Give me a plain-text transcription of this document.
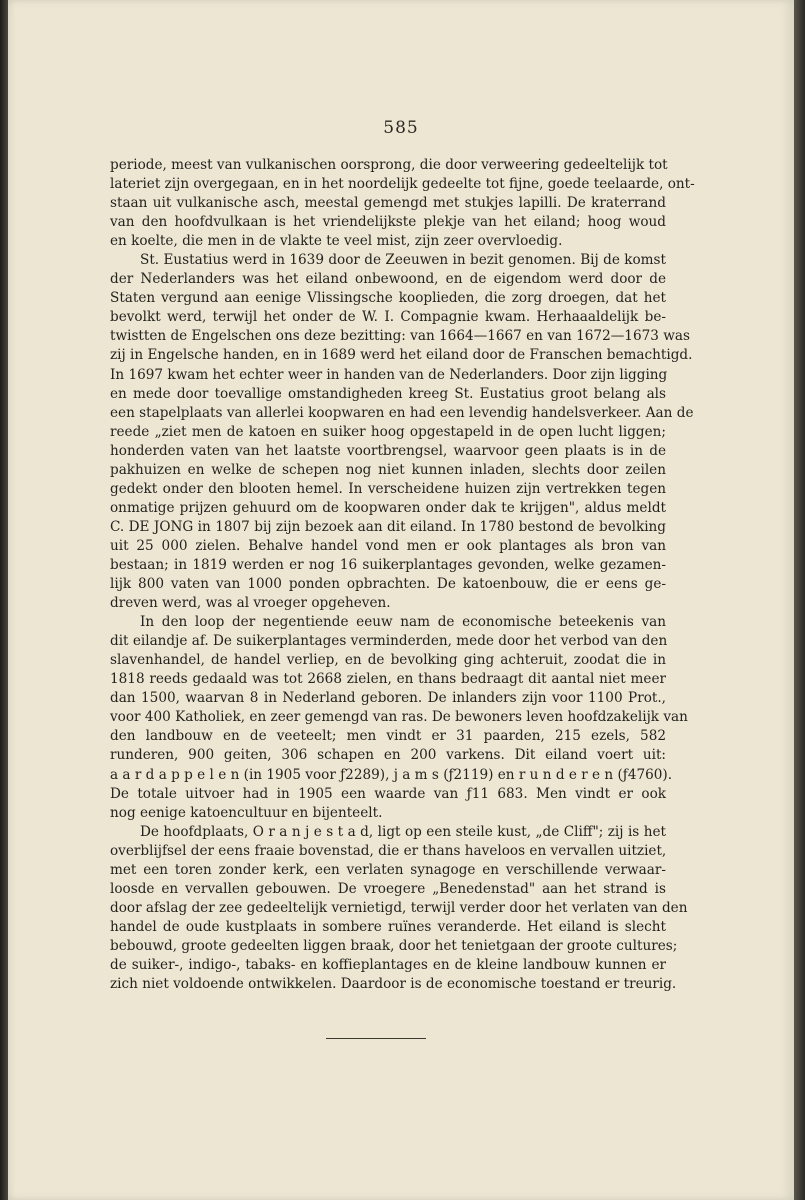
585
periode, meest van vulkanischen oorsprong, die door verweering gedeeltelijk tot
lateriet zijn overgegaan, en in het noordelijk gedeelte tot fijne, goede teelaarde, ont-
staan uit vulkanische asch, meestal gemengd met stukjes lapilli. De kraterrand
van den hoofdvulkaan is het vriendelijkste plekje van het eiland; hoog woud
en koelte, die men in de vlakte te veel mist, zijn zeer overvloedig.
St. Eustatius werd in 1639 door de Zeeuwen in bezit genomen. Bij de komst
der Nederlanders was het eiland onbewoond, en de eigendom werd door de
Staten vergund aan eenige Vlissingsche kooplieden, die zorg droegen, dat het
bevolkt werd, terwijl het onder de W. I. Compagnie kwam. Herhaaaldelijk be-
twistten de Engelschen ons deze bezitting: van 1664—1667 en van 1672—1673 was
zij in Engelsche handen, en in 1689 werd het eiland door de Franschen bemachtigd.
In 1697 kwam het echter weer in handen van de Nederlanders. Door zijn ligging
en mede door toevallige omstandigheden kreeg St. Eustatius groot belang als
een stapelplaats van allerlei koopwaren en had een levendig handelsverkeer. Aan de
reede „ziet men de katoen en suiker hoog opgestapeld in de open lucht liggen;
honderden vaten van het laatste voortbrengsel, waarvoor geen plaats is in de
pakhuizen en welke de schepen nog niet kunnen inladen, slechts door zeilen
gedekt onder den blooten hemel. In verscheidene huizen zijn vertrekken tegen
onmatige prijzen gehuurd om de koopwaren onder dak te krijgen", aldus meldt
C. DE JONG in 1807 bij zijn bezoek aan dit eiland. In 1780 bestond de bevolking
uit 25 000 zielen. Behalve handel vond men er ook plantages als bron van
bestaan; in 1819 werden er nog 16 suikerplantages gevonden, welke gezamen-
lijk 800 vaten van 1000 ponden opbrachten. De katoenbouw, die er eens ge-
dreven werd, was al vroeger opgeheven.
In den loop der negentiende eeuw nam de economische beteekenis van
dit eilandje af. De suikerplantages verminderden, mede door het verbod van den
slavenhandel, de handel verliep, en de bevolking ging achteruit, zoodat die in
1818 reeds gedaald was tot 2668 zielen, en thans bedraagt dit aantal niet meer
dan 1500, waarvan 8 in Nederland geboren. De inlanders zijn voor 1100 Prot.,
voor 400 Katholiek, en zeer gemengd van ras. De bewoners leven hoofdzakelijk van
den landbouw en de veeteelt; men vindt er 31 paarden, 215 ezels, 582
runderen, 900 geiten, 306 schapen en 200 varkens. Dit eiland voert uit:
a a r d a p p e l e n (in 1905 voor ƒ2289), j a m s (ƒ2119) en r u n d e r e n (ƒ4760).
De totale uitvoer had in 1905 een waarde van ƒ11 683. Men vindt er ook
nog eenige katoencultuur en bijenteelt.
De hoofdplaats, O r a n j e s t a d, ligt op een steile kust, „de Cliff"; zij is het
overblijfsel der eens fraaie bovenstad, die er thans haveloos en vervallen uitziet,
met een toren zonder kerk, een verlaten synagoge en verschillende verwaar-
loosde en vervallen gebouwen. De vroegere „Benedenstad" aan het strand is
door afslag der zee gedeeltelijk vernietigd, terwijl verder door het verlaten van den
handel de oude kustplaats in sombere ruïnes veranderde. Het eiland is slecht
bebouwd, groote gedeelten liggen braak, door het tenietgaan der groote cultures;
de suiker-, indigo-, tabaks- en koffieplantages en de kleine landbouw kunnen er
zich niet voldoende ontwikkelen. Daardoor is de economische toestand er treurig.
